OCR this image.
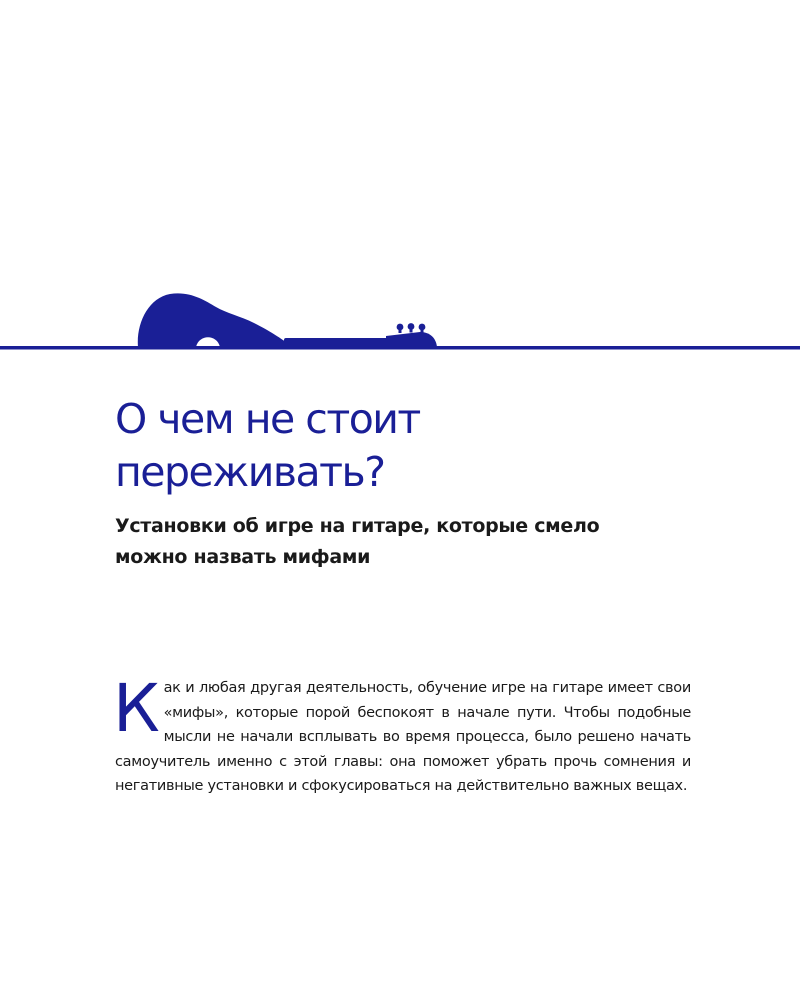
О чем не стоит
переживать?
Установки об игре на гитаре, которые смело
можно назвать мифами

Как и любая другая деятельность, обучение игре на гитаре имеет свои «мифы», которые порой беспокоят в начале пути. Чтобы подобные мысли не начали всплывать во время процесса, было решено начать самоучитель именно с этой главы: она поможет убрать прочь сомнения и негативные установки и сфокусироваться на действительно важных вещах.
